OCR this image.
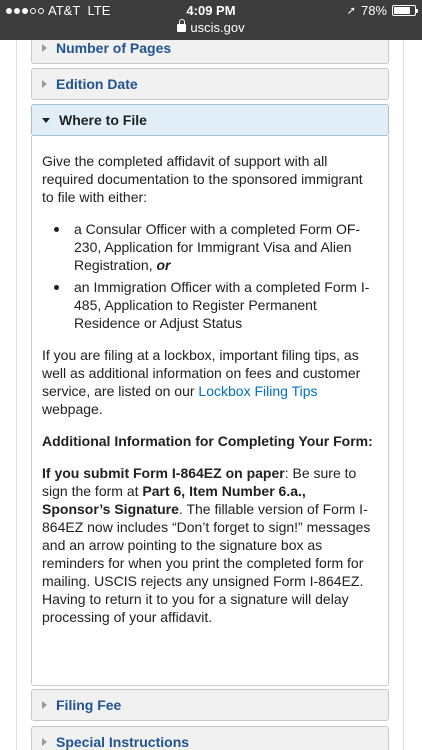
Number of Pages
Edition Date
Where to File

Give the completed affidavit of support with all required documentation to the sponsored immigrant to file with either:

a Consular Officer with a completed Form OF-230, Application for Immigrant Visa and Alien Registration, or
an Immigration Officer with a completed Form I-485, Application to Register Permanent Residence or Adjust Status

If you are filing at a lockbox, important filing tips, as well as additional information on fees and customer service, are listed on our Lockbox Filing Tips webpage.

Additional Information for Completing Your Form:

If you submit Form I-864EZ on paper: Be sure to sign the form at Part 6, Item Number 6.a., Sponsor’s Signature. The fillable version of Form I-864EZ now includes “Don’t forget to sign!” messages and an arrow pointing to the signature box as reminders for when you print the completed form for mailing. USCIS rejects any unsigned Form I-864EZ. Having to return it to you for a signature will delay processing of your affidavit.

Filing Fee
Special Instructions
AT&T
LTE	4:09 PM
uscis.gov
➚ 78%
